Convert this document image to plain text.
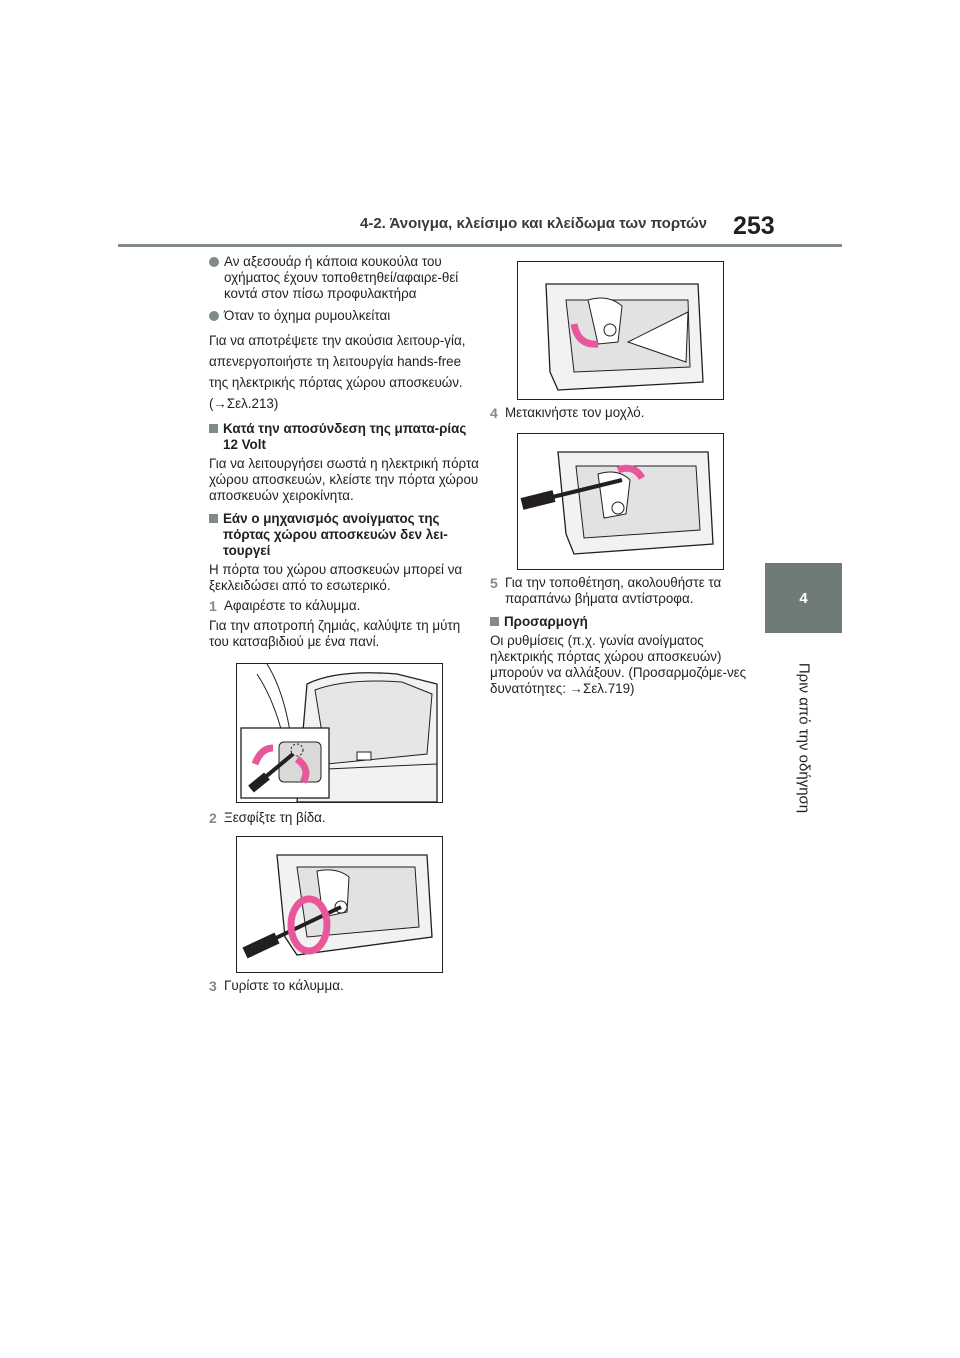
4-2. Άνοιγμα, κλείσιμο και κλείδωμα των πορτών 253
4
Πριν από την οδήγηση
Αν αξεσουάρ ή κάποια κουκούλα του οχήματος έχουν τοποθετηθεί/αφαιρε-θεί κοντά στον πίσω προφυλακτήρα
Όταν το όχημα ρυμουλκείται
Για να αποτρέψετε την ακούσια λειτουρ-γία, απενεργοποιήστε τη λειτουργία hands-free της ηλεκτρικής πόρτας χώρου αποσκευών. (→Σελ.213)
Κατά την αποσύνδεση της μπατα-ρίας 12 Volt
Για να λειτουργήσει σωστά η ηλεκτρική πόρτα χώρου αποσκευών, κλείστε την πόρτα χώρου αποσκευών χειροκίνητα.
Εάν ο μηχανισμός ανοίγματος της πόρτας χώρου αποσκευών δεν λει-τουργεί
Η πόρτα του χώρου αποσκευών μπορεί να ξεκλειδώσει από το εσωτερικό.
1 Αφαιρέστε το κάλυμμα.
Για την αποτροπή ζημιάς, καλύψτε τη μύτη του κατσαβιδιού με ένα πανί.
2 Ξεσφίξτε τη βίδα.
3 Γυρίστε το κάλυμμα.
4 Μετακινήστε τον μοχλό.
5 Για την τοποθέτηση, ακολουθήστε τα παραπάνω βήματα αντίστροφα.
Προσαρμογή
Οι ρυθμίσεις (π.χ. γωνία ανοίγματος ηλεκτρικής πόρτας χώρου αποσκευών) μπορούν να αλλάξουν. (Προσαρμοζόμε-νες δυνατότητες: →Σελ.719)
